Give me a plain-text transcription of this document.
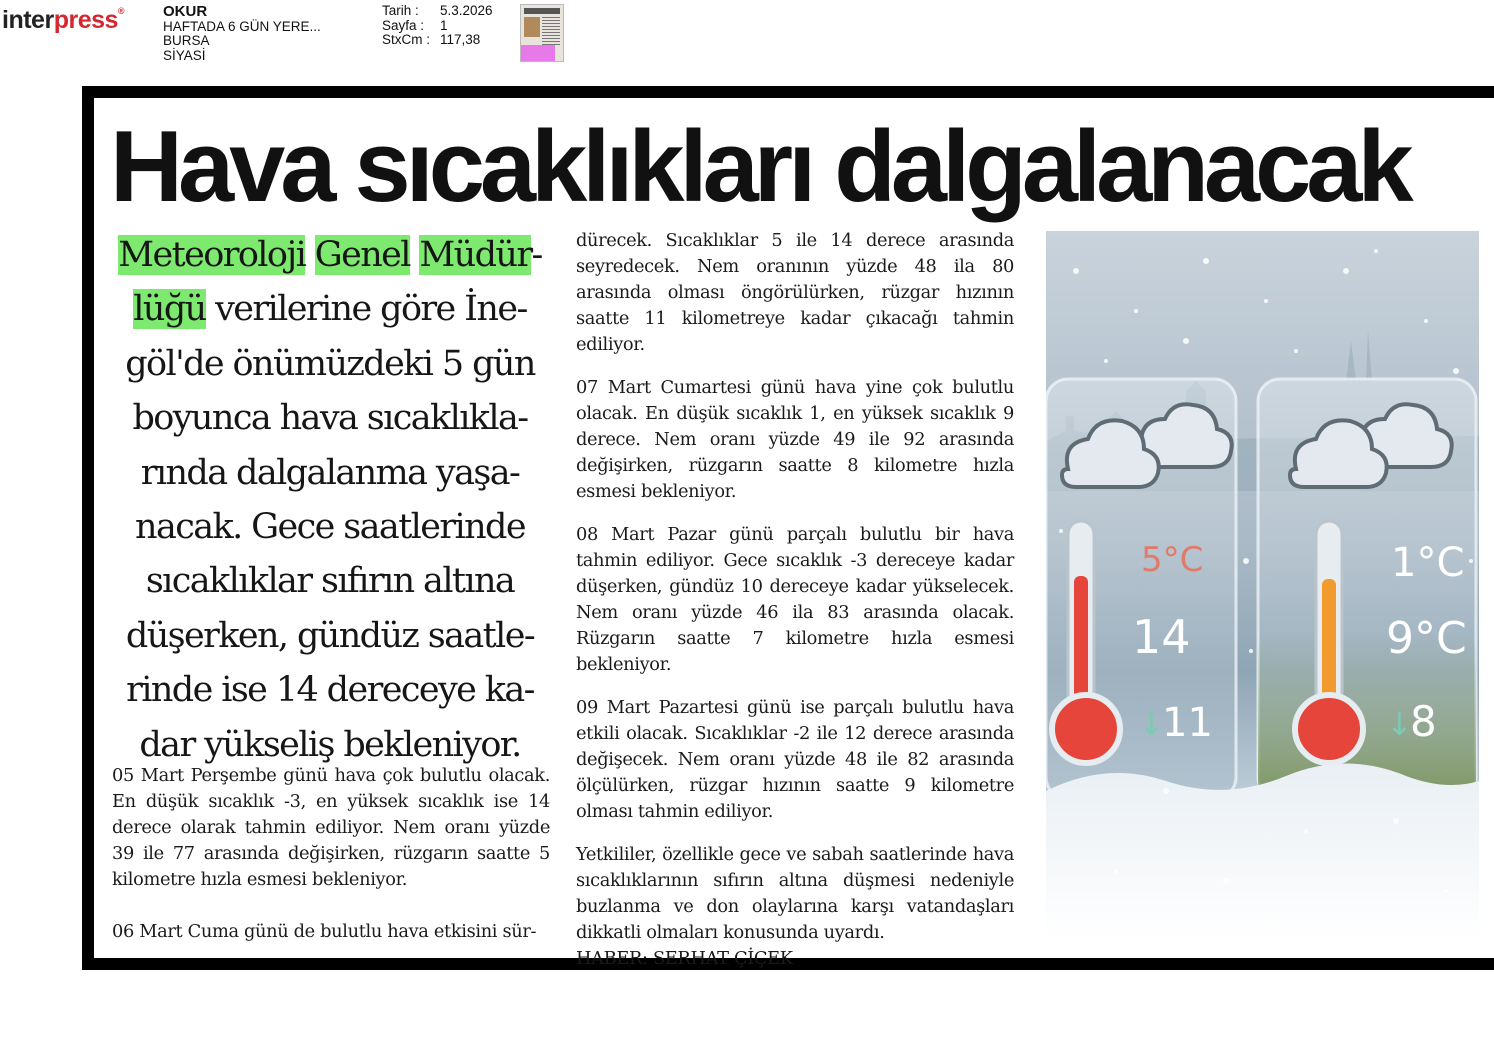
interpress®	OKUR
HAFTADA 6 GÜN YERE...
BURSA
SİYASİ
Tarih :	5.3.2026
Sayfa :	1
StxCm : 117,38
Hava sıcaklıkları dalgalanacak
Meteoroloji Genel Müdür-
lüğü verilerine göre İne-
göl'de önümüzdeki 5 gün
boyunca hava sıcaklıkla-
rında dalgalanma yaşa-
nacak. Gece saatlerinde
sıcaklıklar sıfırın altına
düşerken, gündüz saatle-
rinde ise 14 dereceye ka-
dar yükseliş bekleniyor.

05 Mart Perşembe günü hava çok bulutlu olacak. En düşük sıcaklık -3, en yüksek sıcaklık ise 14 derece olarak tahmin ediliyor. Nem oranı yüzde 39 ile 77 arasında değişirken, rüzgarın saatte 5 kilometre hızla esmesi bekleniyor.

06 Mart Cuma günü de bulutlu hava etkisini sür-

dürecek. Sıcaklıklar 5 ile 14 derece arasında seyredecek. Nem oranının yüzde 48 ila 80 arasında olması öngörülürken, rüzgar hızının saatte 11 kilometreye kadar çıkacağı tahmin ediliyor.

07 Mart Cumartesi günü hava yine çok bulutlu olacak. En düşük sıcaklık 1, en yüksek sıcaklık 9 derece. Nem oranı yüzde 49 ile 92 arasında değişirken, rüzgarın saatte 8 kilometre hızla esmesi bekleniyor.

08 Mart Pazar günü parçalı bulutlu bir hava tahmin ediliyor. Gece sıcaklık -3 dereceye kadar düşerken, gündüz 10 dereceye kadar yükselecek. Nem oranı yüzde 46 ila 83 arasında olacak. Rüzgarın saatte 7 kilometre hızla esmesi bekleniyor.

09 Mart Pazartesi günü ise parçalı bulutlu hava etkili olacak. Sıcaklıklar -2 ile 12 derece arasında değişecek. Nem oranı yüzde 48 ile 82 arasında ölçülürken, rüzgar hızının saatte 9 kilometre olması tahmin ediliyor.

Yetkililer, özellikle gece ve sabah saatlerinde hava sıcaklıklarının sıfırın altına düşmesi nedeniyle buzlanma ve don olaylarına karşı vatandaşları dikkatli olmaları konusunda uyardı.

HABER: SERHAT ÇİÇEK

5°C
14
↓
11
1°C
9°C
↓
8
